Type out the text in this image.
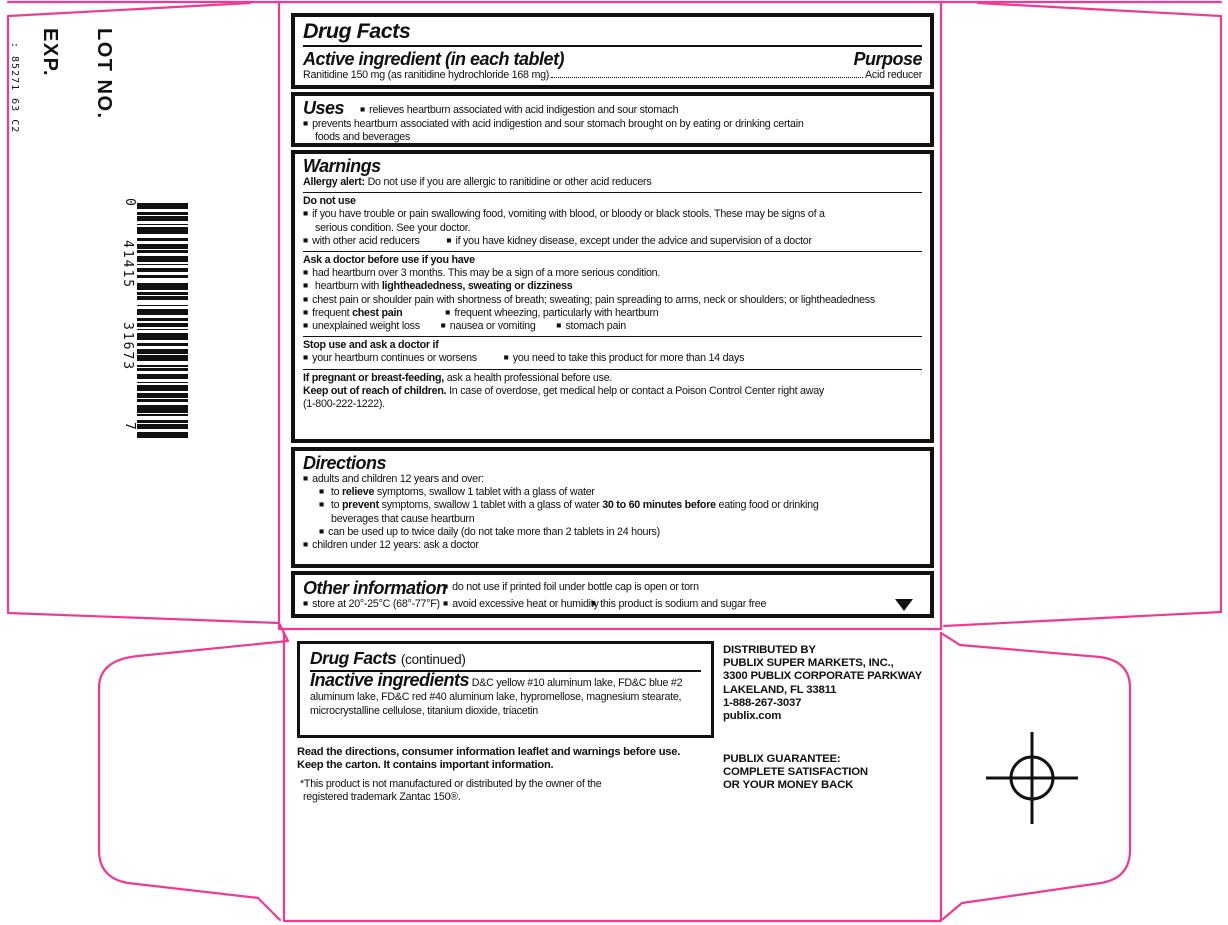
LOT NO.
EXP.
: 85271 63 C2
0
41415
31673
7
Drug Facts
Active ingredient (in each tablet)	Purpose
Ranitidine 150 mg (as ranitidine hydrochloride 168 mg)	Acid reducer
Uses ■ relieves heartburn associated with acid indigestion and sour stomach
■ prevents heartburn associated with acid indigestion and sour stomach brought on by eating or drinking certain
foods and beverages
Warnings
Allergy alert: Do not use if you are allergic to ranitidine or other acid reducers
Do not use
■ if you have trouble or pain swallowing food, vomiting with blood, or bloody or black stools. These may be signs of a
serious condition. See your doctor.
■ with other acid reducers	■ if you have kidney disease, except under the advice and supervision of a doctor
Ask a doctor before use if you have
■ had heartburn over 3 months. This may be a sign of a more serious condition.
■ heartburn with lightheadedness, sweating or dizziness
■ chest pain or shoulder pain with shortness of breath; sweating; pain spreading to arms, neck or shoulders; or lightheadedness
■ frequent chest pain	■ frequent wheezing, particularly with heartburn
■ unexplained weight loss	■ nausea or vomiting	■ stomach pain
Stop use and ask a doctor if
■ your heartburn continues or worsens	■ you need to take this product for more than 14 days
If pregnant or breast-feeding, ask a health professional before use.
Keep out of reach of children. In case of overdose, get medical help or contact a Poison Control Center right away
(1-800-222-1222).
Directions
■ adults and children 12 years and over:
■ to relieve symptoms, swallow 1 tablet with a glass of water
■ to prevent symptoms, swallow 1 tablet with a glass of water 30 to 60 minutes before eating food or drinking
beverages that cause heartburn
■ can be used up to twice daily (do not take more than 2 tablets in 24 hours)
■ children under 12 years: ask a doctor
Other information ■ do not use if printed foil under bottle cap is open or torn
■ store at 20°-25°C (68°-77°F)	■ avoid excessive heat or humidity ■ this product is sodium and sugar free
Drug Facts (continued)
Inactive ingredients D&C yellow #10 aluminum lake, FD&C blue #2 aluminum lake, FD&C red #40 aluminum lake, hypromellose, magnesium stearate, microcrystalline cellulose, titanium dioxide, triacetin
Read the directions, consumer information leaflet and warnings before use.
Keep the carton. It contains important information.
*This product is not manufactured or distributed by the owner of the
registered trademark Zantac 150®.
DISTRIBUTED BY
PUBLIX SUPER MARKETS, INC.,
3300 PUBLIX CORPORATE PARKWAY
LAKELAND, FL 33811
1-888-267-3037
publix.com
PUBLIX GUARANTEE:
COMPLETE SATISFACTION
OR YOUR MONEY BACK
